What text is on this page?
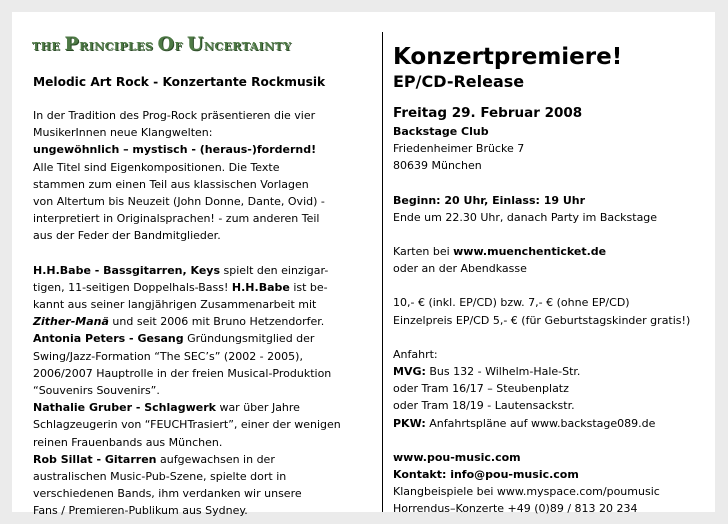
THE PRINCIPLES OF UNCERTAINTY
Melodic Art Rock - Konzertante Rockmusik
In der Tradition des Prog-Rock präsentieren die vier
MusikerInnen neue Klangwelten:
ungewöhnlich – mystisch - (heraus-)fordernd!
Alle Titel sind Eigenkompositionen. Die Texte
stammen zum einen Teil aus klassischen Vorlagen
von Altertum bis Neuzeit (John Donne, Dante, Ovid) -
interpretiert in Originalsprachen! - zum anderen Teil
aus der Feder der Bandmitglieder.
H.H.Babe - Bassgitarren, Keys spielt den einzigar-
tigen, 11-seitigen Doppelhals-Bass! H.H.Babe ist be-
kannt aus seiner langjährigen Zusammenarbeit mit
Zither-Manä und seit 2006 mit Bruno Hetzendorfer.
Antonia Peters - Gesang Gründungsmitglied der
Swing/Jazz-Formation “The SEC’s” (2002 - 2005),
2006/2007 Hauptrolle in der freien Musical-Produktion
“Souvenirs Souvenirs”.
Nathalie Gruber - Schlagwerk war über Jahre
Schlagzeugerin von “FEUCHTrasiert”, einer der wenigen
reinen Frauenbands aus München.
Rob Sillat - Gitarren aufgewachsen in der
australischen Music-Pub-Szene, spielte dort in
verschiedenen Bands, ihm verdanken wir unsere
Fans / Premieren-Publikum aus Sydney.
Konzertpremiere!
EP/CD-Release
Freitag 29. Februar 2008
Backstage Club
Friedenheimer Brücke 7
80639 München
Beginn: 20 Uhr, Einlass: 19 Uhr
Ende um 22.30 Uhr, danach Party im Backstage
Karten bei www.muenchenticket.de
oder an der Abendkasse
10,- € (inkl. EP/CD) bzw. 7,- € (ohne EP/CD)
Einzelpreis EP/CD 5,- € (für Geburtstagskinder gratis!)
Anfahrt:
MVG: Bus 132 - Wilhelm-Hale-Str.
oder Tram 16/17 – Steubenplatz
oder Tram 18/19 - Lautensackstr.
PKW: Anfahrtspläne auf www.backstage089.de
www.pou-music.com
Kontakt: info@pou-music.com
Klangbeispiele bei www.myspace.com/poumusic
Horrendus–Konzerte +49 (0)89 / 813 20 234
